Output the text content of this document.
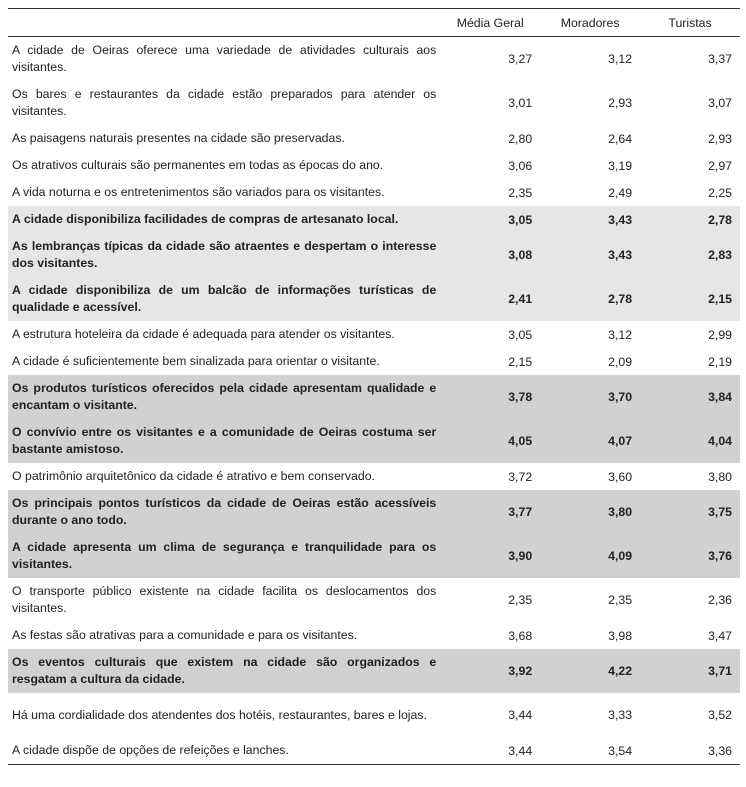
	Média Geral	Moradores	Turistas
A cidade de Oeiras oferece uma variedade de atividades culturais aos visitantes.	3,27	3,12	3,37
Os bares e restaurantes da cidade estão preparados para atender os visitantes.	3,01	2,93	3,07
As paisagens naturais presentes na cidade são preservadas.	2,80	2,64	2,93
Os atrativos culturais são permanentes em todas as épocas do ano.	3,06	3,19	2,97
A vida noturna e os entretenimentos são variados para os visitantes.	2,35	2,49	2,25
A cidade disponibiliza facilidades de compras de artesanato local.	3,05	3,43	2,78
As lembranças típicas da cidade são atraentes e despertam o interesse dos visitantes.	3,08	3,43	2,83
A cidade disponibiliza de um balcão de informações turísticas de qualidade e acessível.	2,41	2,78	2,15
A estrutura hoteleira da cidade é adequada para atender os visitantes.	3,05	3,12	2,99
A cidade é suficientemente bem sinalizada para orientar o visitante.	2,15	2,09	2,19
Os produtos turísticos oferecidos pela cidade apresentam qualidade e encantam o visitante.	3,78	3,70	3,84
O convívio entre os visitantes e a comunidade de Oeiras costuma ser bastante amistoso.	4,05	4,07	4,04
O patrimônio arquitetônico da cidade é atrativo e bem conservado.	3,72	3,60	3,80
Os principais pontos turísticos da cidade de Oeiras estão acessíveis durante o ano todo.	3,77	3,80	3,75
A cidade apresenta um clima de segurança e tranquilidade para os visitantes.	3,90	4,09	3,76
O transporte público existente na cidade facilita os deslocamentos dos visitantes.	2,35	2,35	2,36
As festas são atrativas para a comunidade e para os visitantes.	3,68	3,98	3,47
Os eventos culturais que existem na cidade são organizados e resgatam a cultura da cidade.	3,92	4,22	3,71
Há uma cordialidade dos atendentes dos hotéis, restaurantes, bares e lojas.	3,44	3,33	3,52
A cidade dispõe de opções de refeições e lanches.	3,44	3,54	3,36
